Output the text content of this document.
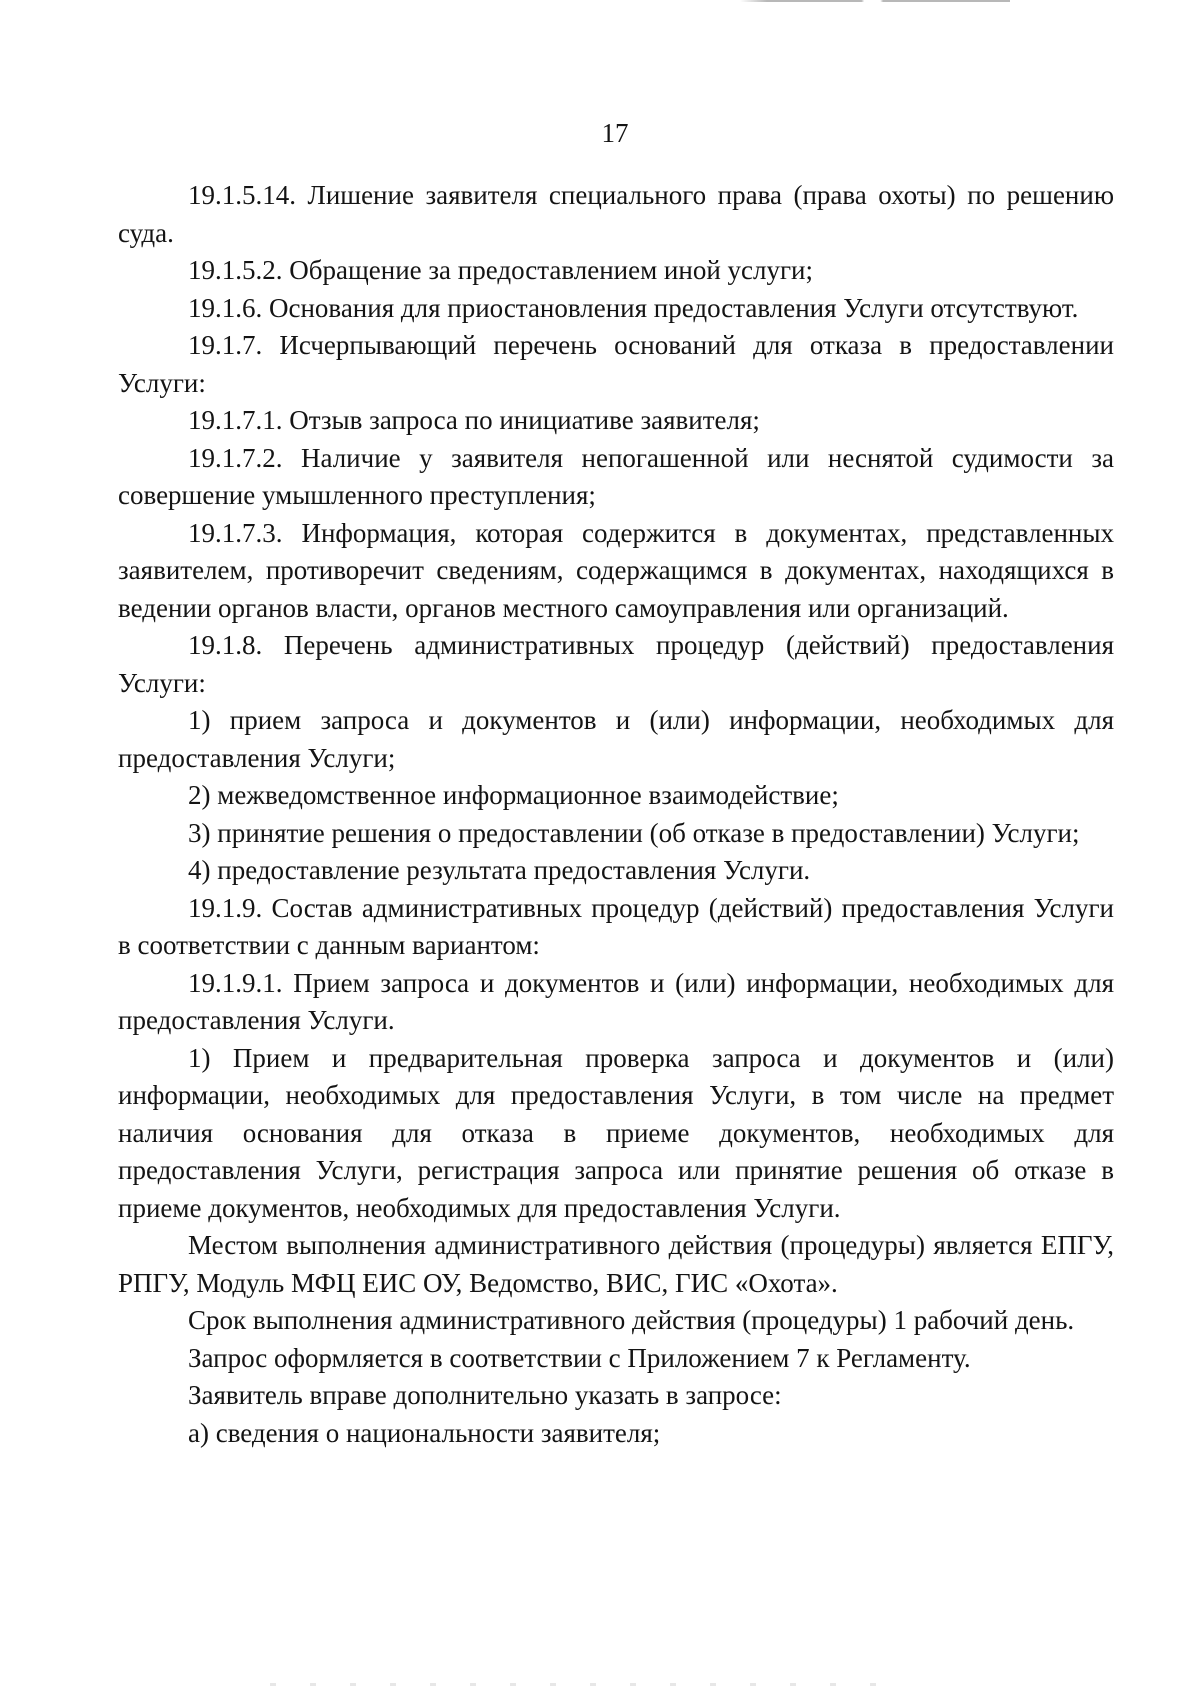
17

19.1.5.14. Лишение заявителя специального права (права охоты) по решению суда.

19.1.5.2. Обращение за предоставлением иной услуги;

19.1.6. Основания для приостановления предоставления Услуги отсутствуют.

19.1.7. Исчерпывающий перечень оснований для отказа в предоставлении Услуги:

19.1.7.1. Отзыв запроса по инициативе заявителя;

19.1.7.2. Наличие у заявителя непогашенной или неснятой судимости за совершение умышленного преступления;

19.1.7.3. Информация, которая содержится в документах, представленных заявителем, противоречит сведениям, содержащимся в документах, находящихся в ведении органов власти, органов местного самоуправления или организаций.

19.1.8. Перечень административных процедур (действий) предоставления Услуги:

1) прием запроса и документов и (или) информации, необходимых для предоставления Услуги;

2) межведомственное информационное взаимодействие;

3) принятие решения о предоставлении (об отказе в предоставлении) Услуги;

4) предоставление результата предоставления Услуги.

19.1.9. Состав административных процедур (действий) предоставления Услуги в соответствии с данным вариантом:

19.1.9.1. Прием запроса и документов и (или) информации, необходимых для предоставления Услуги.

1) Прием и предварительная проверка запроса и документов и (или) информации, необходимых для предоставления Услуги, в том числе на предмет наличия основания для отказа в приеме документов, необходимых для предоставления Услуги, регистрация запроса или принятие решения об отказе в приеме документов, необходимых для предоставления Услуги.

Местом выполнения административного действия (процедуры) является ЕПГУ, РПГУ, Модуль МФЦ ЕИС ОУ, Ведомство, ВИС, ГИС «Охота».

Срок выполнения административного действия (процедуры) 1 рабочий день.

Запрос оформляется в соответствии с Приложением 7 к Регламенту.

Заявитель вправе дополнительно указать в запросе:

а) сведения о национальности заявителя;
